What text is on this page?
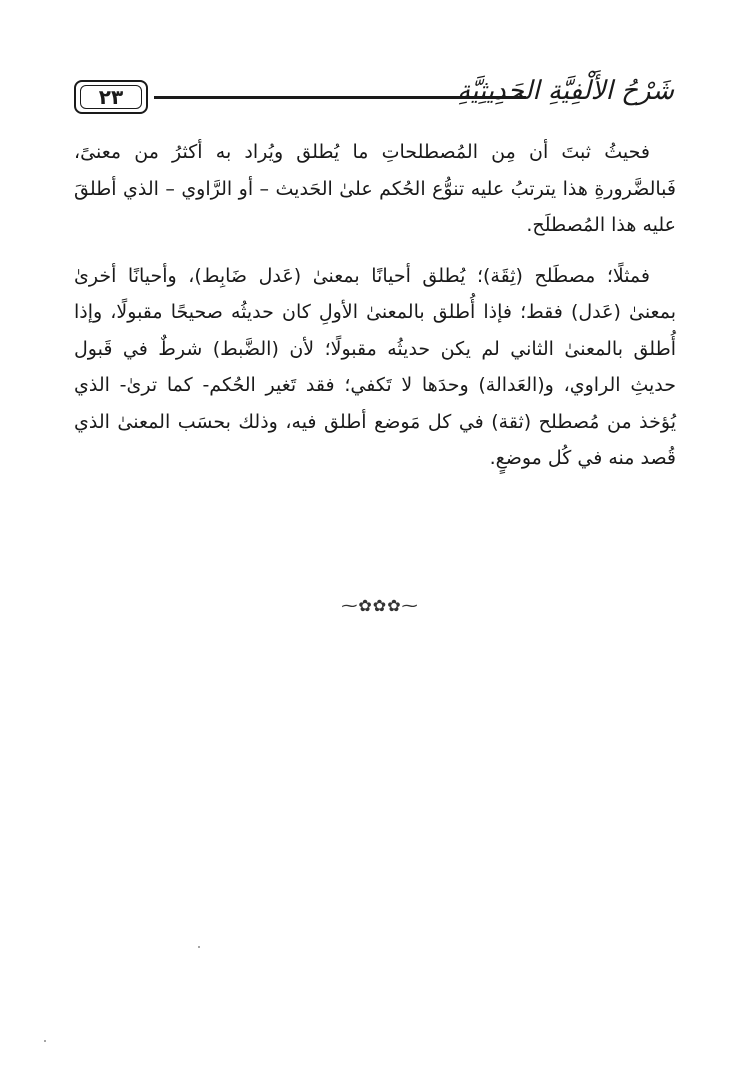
٢٣	شَرْحُ الأَلْفِيَّةِ الحَدِيثِيَّةِ

فحيثُ ثبتَ أن مِن المُصطلحاتِ ما يُطلق ويُراد به أكثرُ من معنىً، فَبالضَّرورةِ هذا يترتبُ عليه تنوُّع الحُكم علىٰ الحَديث – أو الرَّاوي – الذي أطلقَ عليه هذا المُصطلَح.

فمثلًا؛ مصطَلح (ثِقَة)؛ يُطلق أحيانًا بمعنىٰ (عَدل ضَابِط)، وأحيانًا أخرىٰ بمعنىٰ (عَدل) فقط؛ فإذا أُطلق بالمعنىٰ الأولِ كان حديثُه صحيحًا مقبولًا، وإذا أُطلق بالمعنىٰ الثاني لم يكن حديثُه مقبولًا؛ لأن (الضَّبط) شرطٌ في قَبول حديثِ الراوي، و(العَدالة) وحدَها لا تَكفي؛ فقد تَغير الحُكم- كما ترىٰ- الذي يُؤخذ من مُصطلح (ثقة) في كل مَوضع أطلق فيه، وذلك بحسَب المعنىٰ الذي قُصد منه في كُل موضعٍ.

⁓✿✿✿⁓
